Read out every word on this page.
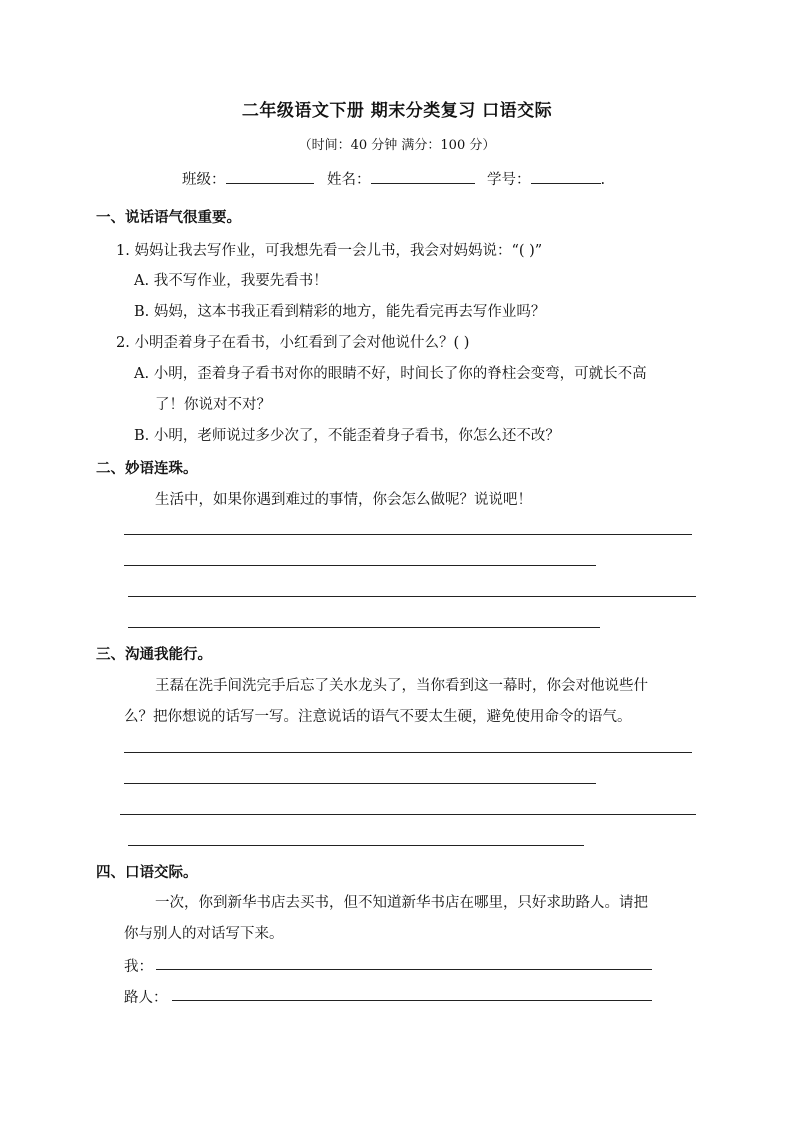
二年级语文下册 期末分类复习 口语交际
（时间：40 分钟 满分：100 分）
班级：	姓名：	学号：	.
一、说话语气很重要。
1. 妈妈让我去写作业，可我想先看一会儿书，我会对妈妈说：“( )”
A. 我不写作业，我要先看书！
B. 妈妈，这本书我正看到精彩的地方，能先看完再去写作业吗？
2. 小明歪着身子在看书，小红看到了会对他说什么？( )
A. 小明，歪着身子看书对你的眼睛不好，时间长了你的脊柱会变弯，可就长不高
了！你说对不对？
B. 小明，老师说过多少次了，不能歪着身子看书，你怎么还不改？
二、妙语连珠。
生活中，如果你遇到难过的事情，你会怎么做呢？说说吧！
三、沟通我能行。
王磊在洗手间洗完手后忘了关水龙头了，当你看到这一幕时，你会对他说些什
么？把你想说的话写一写。注意说话的语气不要太生硬，避免使用命令的语气。
四、口语交际。
一次，你到新华书店去买书，但不知道新华书店在哪里，只好求助路人。请把
你与别人的对话写下来。
我：
路人：
